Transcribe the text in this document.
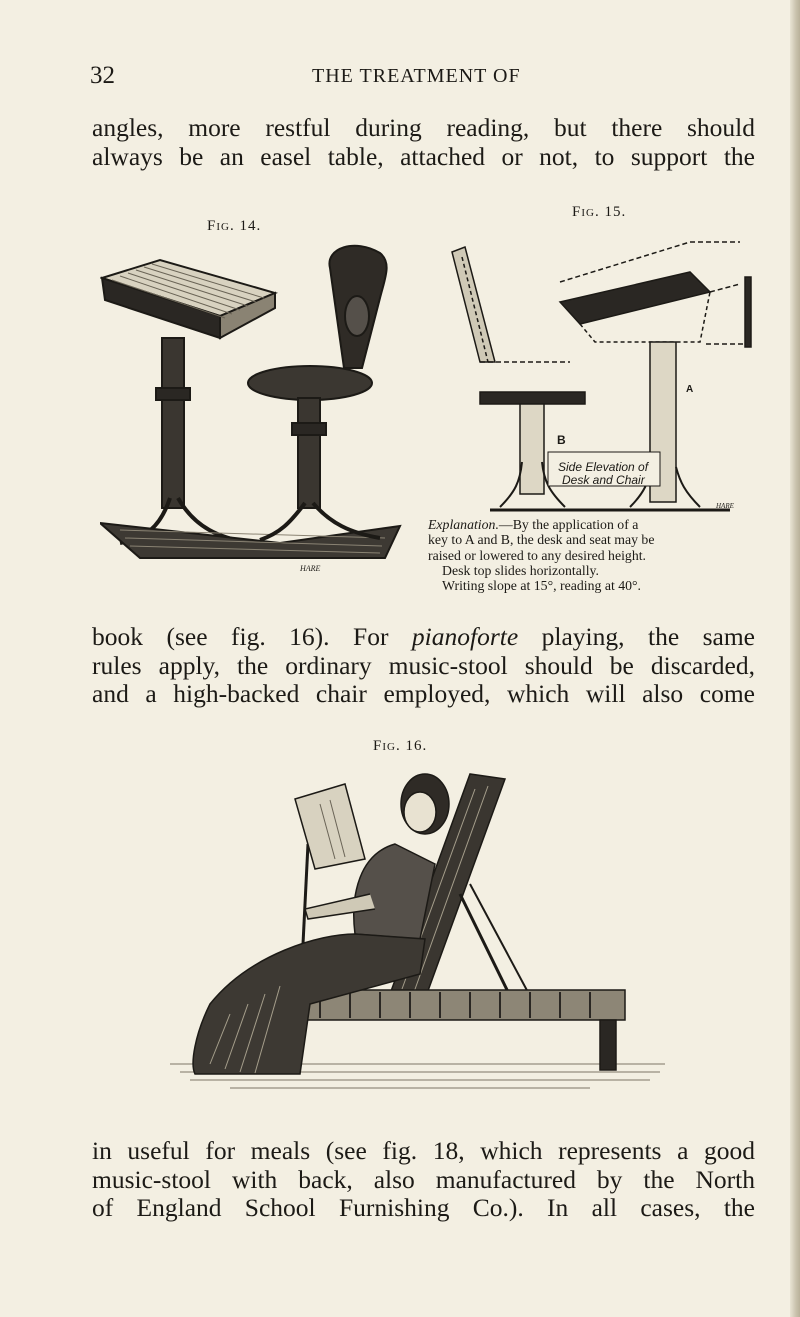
32	THE TREATMENT OF

angles, more restful during reading, but there should
always be an easel table, attached or not, to support the

Fig. 14.
HARE
Fig. 15.
B
A
Side Elevation of
Desk and Chair
HARE

Explanation.—By the application of a
key to A and B, the desk and seat may be
raised or lowered to any desired height.
Desk top slides horizontally.
Writing slope at 15°, reading at 40°.

book (see fig. 16). For pianoforte playing, the same
rules apply, the ordinary music-stool should be discarded,
and a high-backed chair employed, which will also come

Fig. 16.

in useful for meals (see fig. 18, which represents a good
music-stool with back, also manufactured by the North
of England School Furnishing Co.). In all cases, the
